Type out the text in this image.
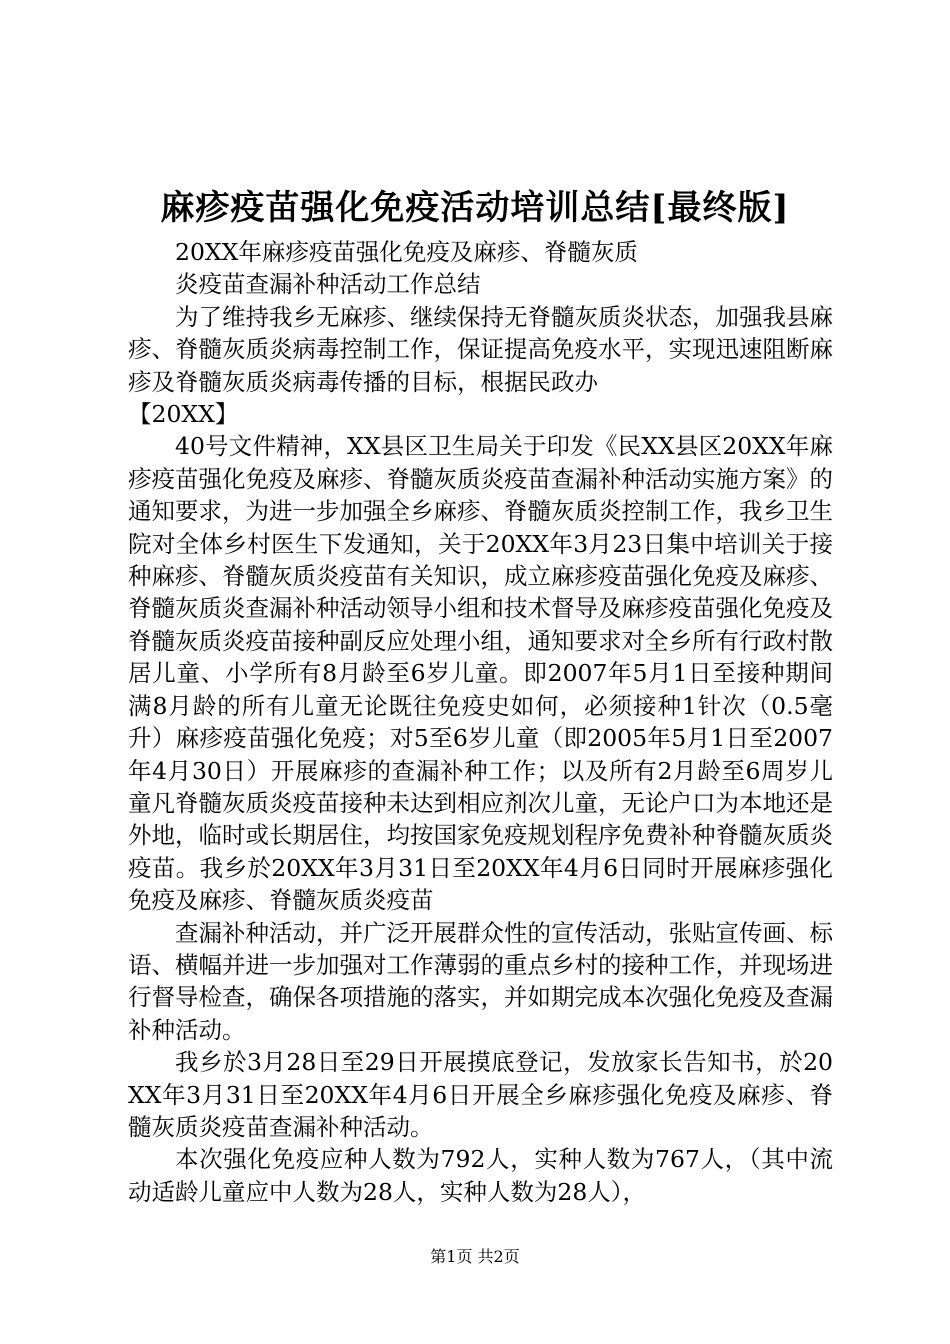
麻疹疫苗强化免疫活动培训总结[最终版]

20XX年麻疹疫苗强化免疫及麻疹、脊髓灰质

炎疫苗查漏补种活动工作总结

为了维持我乡无麻疹、继续保持无脊髓灰质炎状态，加强我县麻疹、脊髓灰质炎病毒控制工作，保证提高免疫水平，实现迅速阻断麻疹及脊髓灰质炎病毒传播的目标，根据民政办

【20XX】

40号文件精神，XX县区卫生局关于印发《民XX县区20XX年麻疹疫苗强化免疫及麻疹、脊髓灰质炎疫苗查漏补种活动实施方案》的通知要求，为进一步加强全乡麻疹、脊髓灰质炎控制工作，我乡卫生院对全体乡村医生下发通知，关于20XX年3月23日集中培训关于接种麻疹、脊髓灰质炎疫苗有关知识，成立麻疹疫苗强化免疫及麻疹、脊髓灰质炎查漏补种活动领导小组和技术督导及麻疹疫苗强化免疫及脊髓灰质炎疫苗接种副反应处理小组，通知要求对全乡所有行政村散居儿童、小学所有8月龄至6岁儿童。即2007年5月1日至接种期间满8月龄的所有儿童无论既往免疫史如何，必须接种1针次（0.5毫升）麻疹疫苗强化免疫；对5至6岁儿童（即2005年5月1日至2007年4月30日）开展麻疹的查漏补种工作；以及所有2月龄至6周岁儿童凡脊髓灰质炎疫苗接种未达到相应剂次儿童，无论户口为本地还是外地，临时或长期居住，均按国家免疫规划程序免费补种脊髓灰质炎疫苗。我乡於20XX年3月31日至20XX年4月6日同时开展麻疹强化免疫及麻疹、脊髓灰质炎疫苗

查漏补种活动，并广泛开展群众性的宣传活动，张贴宣传画、标语、横幅并进一步加强对工作薄弱的重点乡村的接种工作，并现场进行督导检查，确保各项措施的落实，并如期完成本次强化免疫及查漏补种活动。

我乡於3月28日至29日开展摸底登记，发放家长告知书，於20XX年3月31日至20XX年4月6日开展全乡麻疹强化免疫及麻疹、脊髓灰质炎疫苗查漏补种活动。

本次强化免疫应种人数为792人，实种人数为767人，（其中流动适龄儿童应中人数为28人，实种人数为28人），

第1页 共2页
